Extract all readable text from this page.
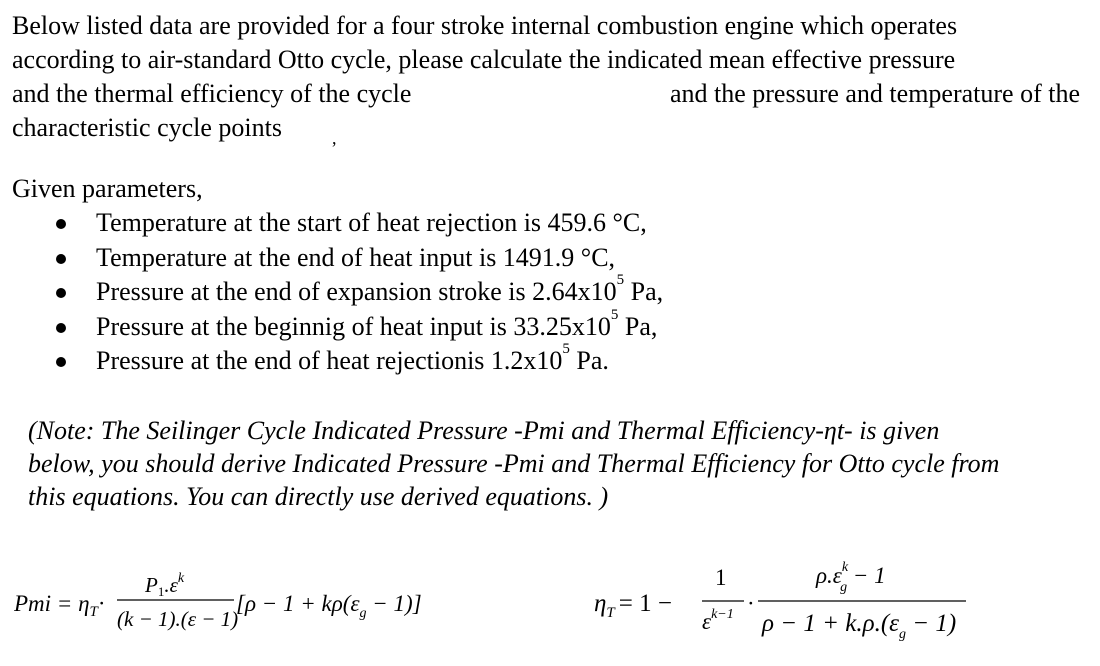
Below listed data are provided for a four stroke internal combustion engine which operates
according to air-standard Otto cycle, please calculate the indicated mean effective pressure

and the thermal efficiency of the cycle	and the pressure and temperature of the
characteristic cycle points	$_,$

Given parameters,

Temperature at the start of heat rejection is 459.6 °C,
Temperature at the end of heat input is 1491.9 °C,
Pressure at the end of expansion stroke is $2.64x10^5$ Pa,
Pressure at the beginnig of heat input is $33.25x10^5$ Pa,
Pressure at the end of heat rejectionis $1.2x10^5$ Pa.

(Note: The Seilinger Cycle Indicated Pressure -Pmi and Thermal Efficiency-ηt- is given
below, you should derive Indicated Pressure -Pmi and Thermal Efficiency for Otto cycle from
this equations. You can directly use derived equations. )

Pmi = $\eta_T\cdot$
$P1.\varepsilon^k$
(k − 1).(ε − 1)
$[\rho - 1 + k\rho(\varepsilon_g - 1)]$	$\eta_T = 1$ −
1
$\varepsilon^{k-1}$ ·
$\rho.\varepsilon^k$ g − 1
$\rho - 1 + k.\rho.(\varepsilon_g - 1)$
